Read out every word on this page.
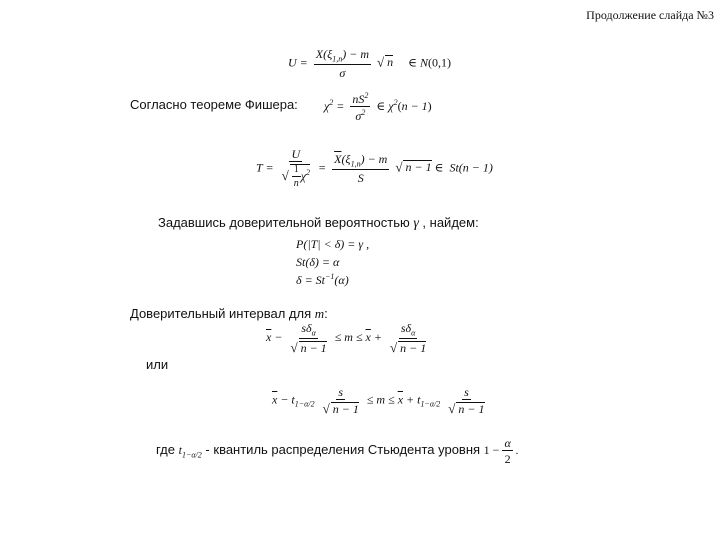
Продолжение слайда №3
$U = \frac{X(\xi_{1,n}) - m}{\sigma}$ √ n     ∈ N(0,1)
Согласно теореме Фишера: $\chi^2 = \frac{nS^2}{\sigma^2}$ ∈ $\chi^2(n - 1)$
$T = \frac{U}{√ \frac{1}{n} \chi^2} = \frac{\overline{X}(\xi_{1,n}) - m}{S}$ √ n − 1 ∈  St(n − 1)
Задавшись доверительной вероятностью γ , найдем:
P(|T| < δ) = γ ,
St(δ) = α
$\delta = St^{-1}(\alpha)$
Доверительный интервал для m:
$\overline{x} - \frac{s\delta_\alpha}{√ n - 1} \le m \le \overline{x} + \frac{s\delta_\alpha}{√ n - 1}$
или
$\overline{x} - t_{1-\alpha/2} \frac{s}{√ n - 1} \le m \le \overline{x} + t_{1-\alpha/2} \frac{s}{√ n - 1}$
где $t_{1-\alpha/2}$ - квантиль распределения Стьюдента уровня $1 - \frac{\alpha}{2}$ .
